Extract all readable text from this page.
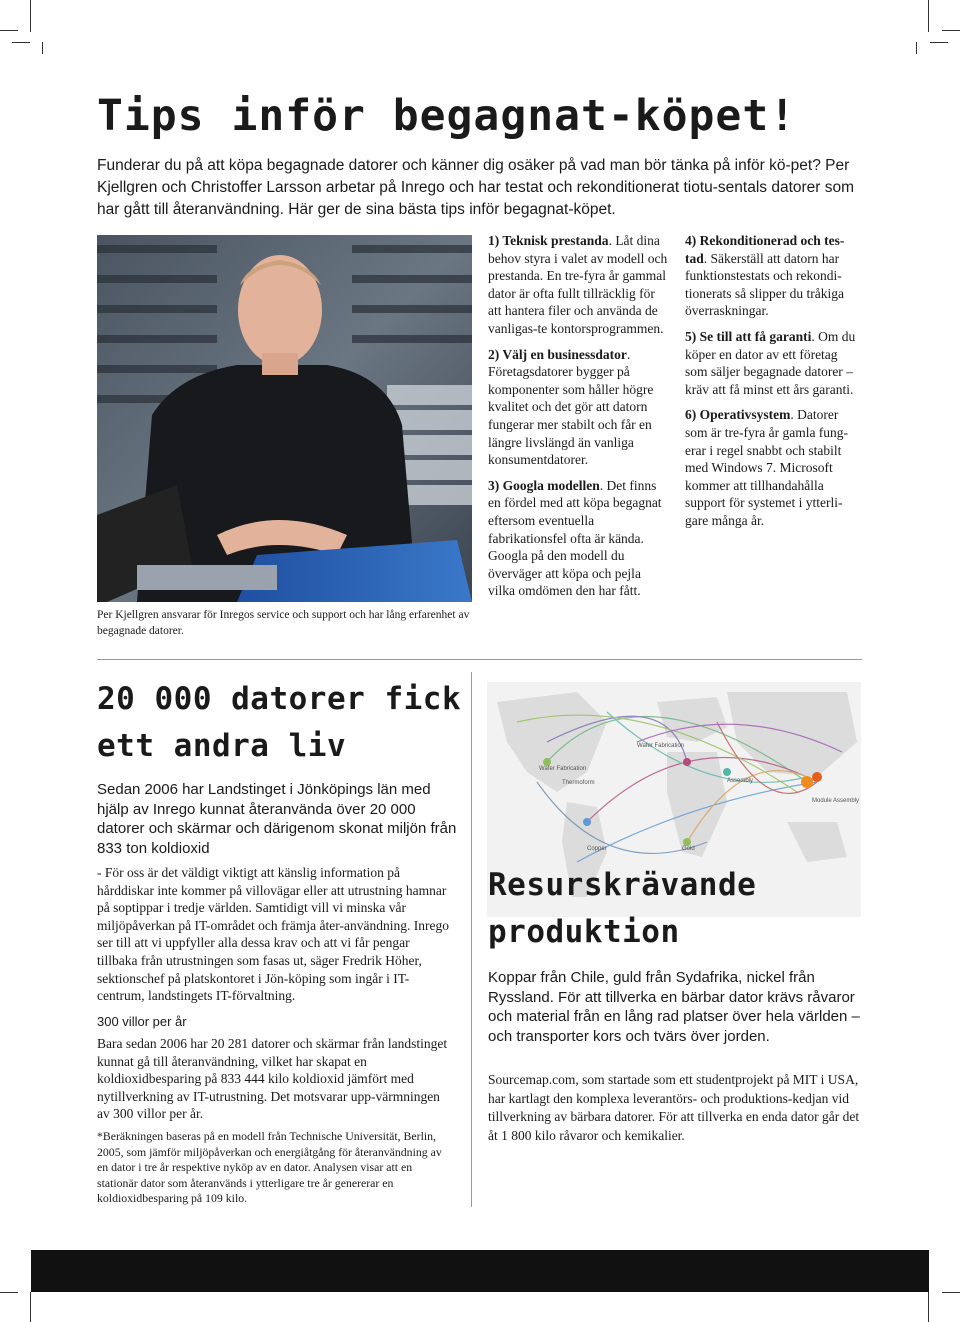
Tips inför begagnat-köpet!

Funderar du på att köpa begagnade datorer och känner dig osäker på vad man bör tänka på inför kö-pet? Per Kjellgren och Christoffer Larsson arbetar på Inrego och har testat och rekonditionerat tiotu-sentals datorer som har gått till återanvändning. Här ger de sina bästa tips inför begagnat-köpet.

Per Kjellgren ansvarar för Inregos service och support och har lång erfarenhet av begagnade datorer.

1) Teknisk prestanda. Låt dina behov styra i valet av modell och prestanda. En tre-fyra år gammal dator är ofta fullt tillräcklig för att hantera filer och använda de vanligas-te kontorsprogrammen.

2) Välj en businessdator. Företagsdatorer bygger på komponenter som håller högre kvalitet och det gör att datorn fungerar mer stabilt och får en längre livslängd än vanliga konsumentdatorer.

3) Googla modellen. Det finns en fördel med att köpa begagnat eftersom eventuella fabrikationsfel ofta är kända. Googla på den modell du överväger att köpa och pejla vilka omdömen den har fått.

4) Rekonditionerad och tes-tad. Säkerställ att datorn har funktionstestats och rekondi-tionerats så slipper du tråkiga överraskningar.

5) Se till att få garanti. Om du köper en dator av ett företag som säljer begagnade datorer – kräv att få minst ett års garanti.

6) Operativsystem. Datorer som är tre-fyra år gamla fung-erar i regel snabbt och stabilt med Windows 7. Microsoft kommer att tillhandahålla support för systemet i ytterli-gare många år.

20 000 datorer fick ett andra liv

Sedan 2006 har Landstinget i Jönköpings län med hjälp av Inrego kunnat återanvända över 20 000 datorer och skärmar och därigenom skonat miljön från 833 ton koldioxid

- För oss är det väldigt viktigt att känslig information på hårddiskar inte kommer på villovägar eller att utrustning hamnar på soptippar i tredje världen. Samtidigt vill vi minska vår miljöpåverkan på IT-området och främja åter-användning. Inrego ser till att vi uppfyller alla dessa krav och att vi får pengar tillbaka från utrustningen som fasas ut, säger Fredrik Höher, sektionschef på platskontoret i Jön-köping som ingår i IT-centrum, landstingets IT-förvaltning.

300 villor per år

Bara sedan 2006 har 20 281 datorer och skärmar från landstinget kunnat gå till återanvändning, vilket har skapat en koldioxidbesparing på 833 444 kilo koldioxid jämfört med nytillverkning av IT-utrustning. Det motsvarar upp-värmningen av 300 villor per år.

*Beräkningen baseras på en modell från Technische Universität, Berlin, 2005, som jämför miljöpåverkan och energiåtgång för återanvändning av en dator i tre år respektive nyköp av en dator. Analysen visar att en stationär dator som återanvänds i ytterligare tre år genererar en koldioxidbesparing på 109 kilo.

Wafer Fabrication
Wafer Fabrication
Thermoform
Module Assembly
Assembly
Copper	Gold
Resurskrävande produktion

Koppar från Chile, guld från Sydafrika, nickel från Ryssland. För att tillverka en bärbar dator krävs råvaror och material från en lång rad platser över hela världen – och transporter kors och tvärs över jorden.

Sourcemap.com, som startade som ett studentprojekt på MIT i USA, har kartlagt den komplexa leverantörs- och produktions-kedjan vid tillverkning av bärbara datorer. För att tillverka en enda dator går det åt 1 800 kilo råvaror och kemikalier.
